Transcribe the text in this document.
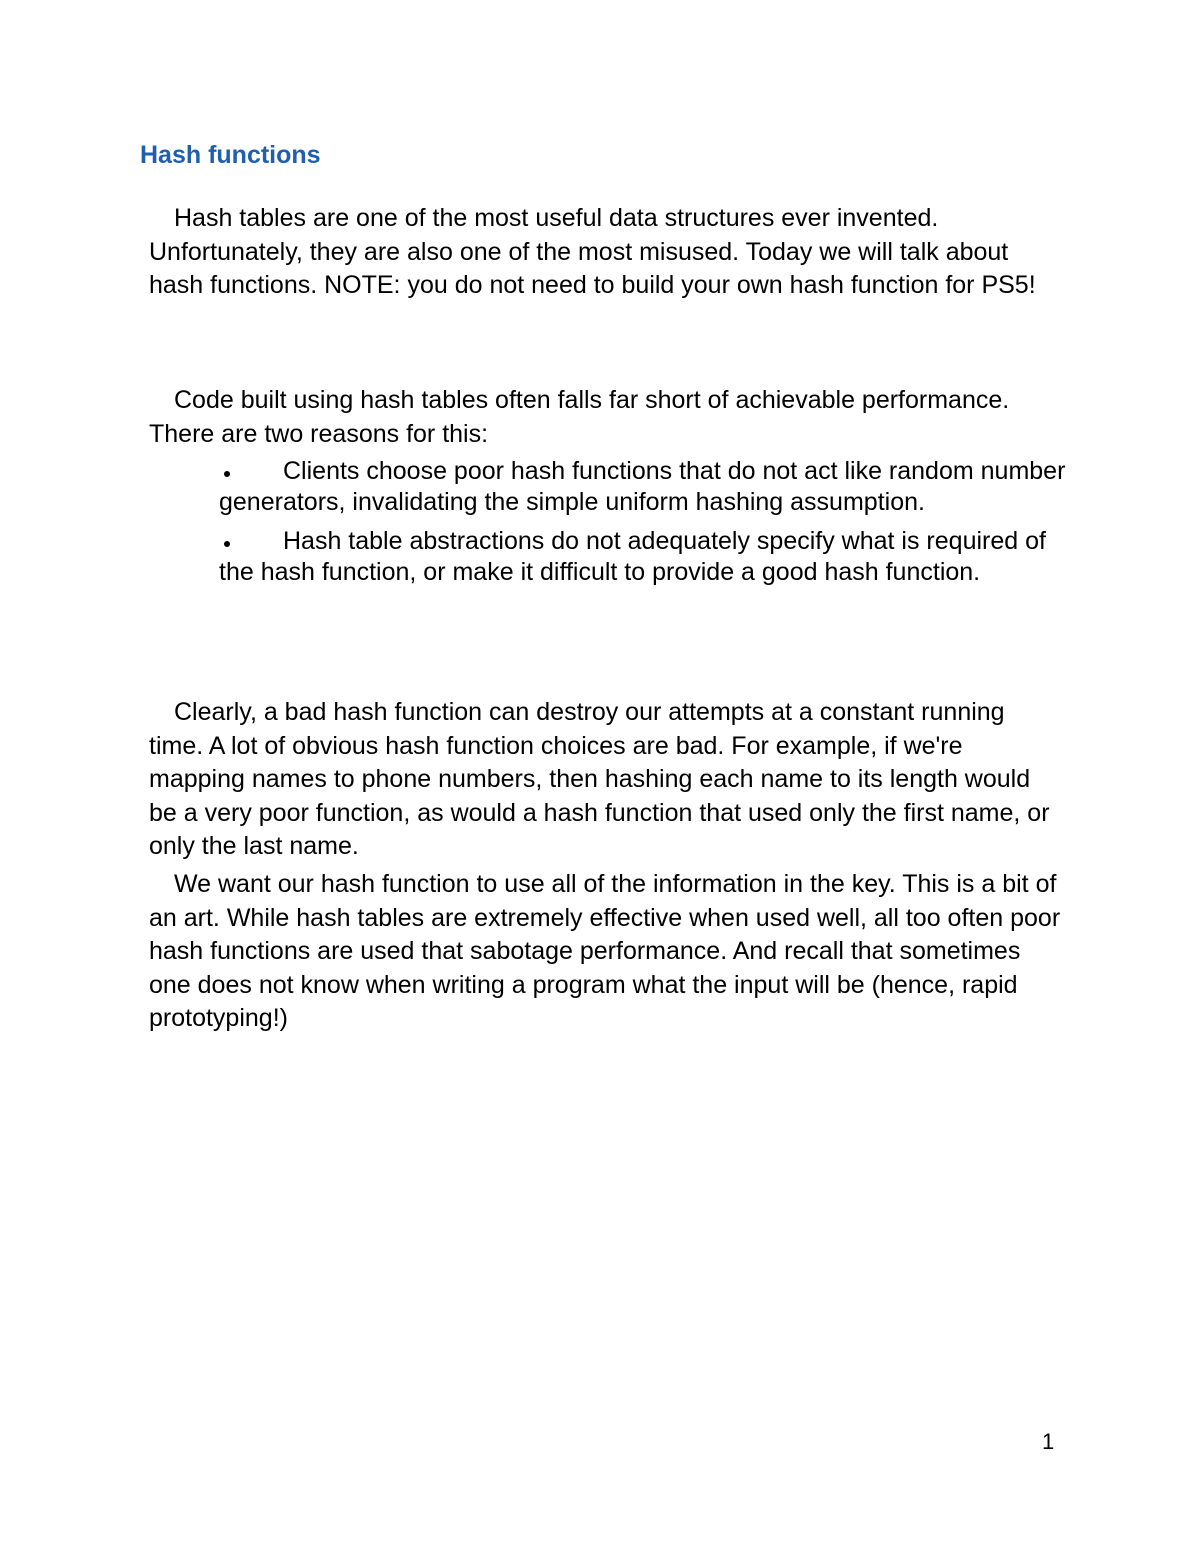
Hash functions

Hash tables are one of the most useful data structures ever invented. Unfortunately, they are also one of the most misused. Today we will talk about hash functions. NOTE: you do not need to build your own hash function for PS5!

Code built using hash tables often falls far short of achievable performance. There are two reasons for this:

Clients choose poor hash functions that do not act like random number generators, invalidating the simple uniform hashing assumption.
Hash table abstractions do not adequately specify what is required of the hash function, or make it difficult to provide a good hash function.

Clearly, a bad hash function can destroy our attempts at a constant running time. A lot of obvious hash function choices are bad. For example, if we're mapping names to phone numbers, then hashing each name to its length would be a very poor function, as would a hash function that used only the first name, or only the last name.

We want our hash function to use all of the information in the key. This is a bit of an art. While hash tables are extremely effective when used well, all too often poor hash functions are used that sabotage performance. And recall that sometimes one does not know when writing a program what the input will be (hence, rapid prototyping!)

1
